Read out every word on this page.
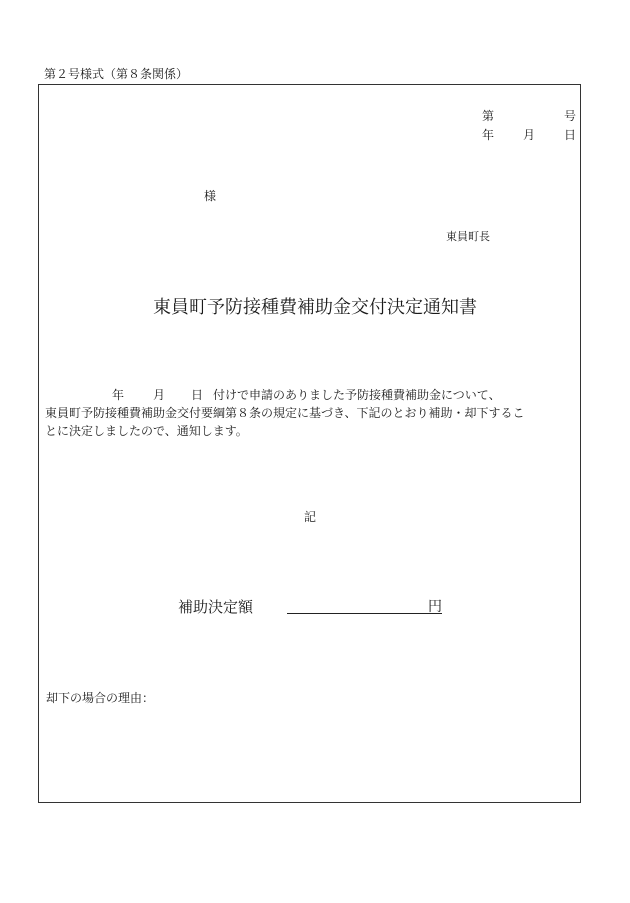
第２号様式（第８条関係）
第	号
年 月 日
様
東員町長
東員町予防接種費補助金交付決定通知書
年 月 日 付けで申請のありました予防接種費補助金について、
東員町予防接種費補助金交付要綱第８条の規定に基づき、下記のとおり補助・却下するこ
とに決定しましたので、通知します。
記
補助決定額	円
却下の場合の理由：
